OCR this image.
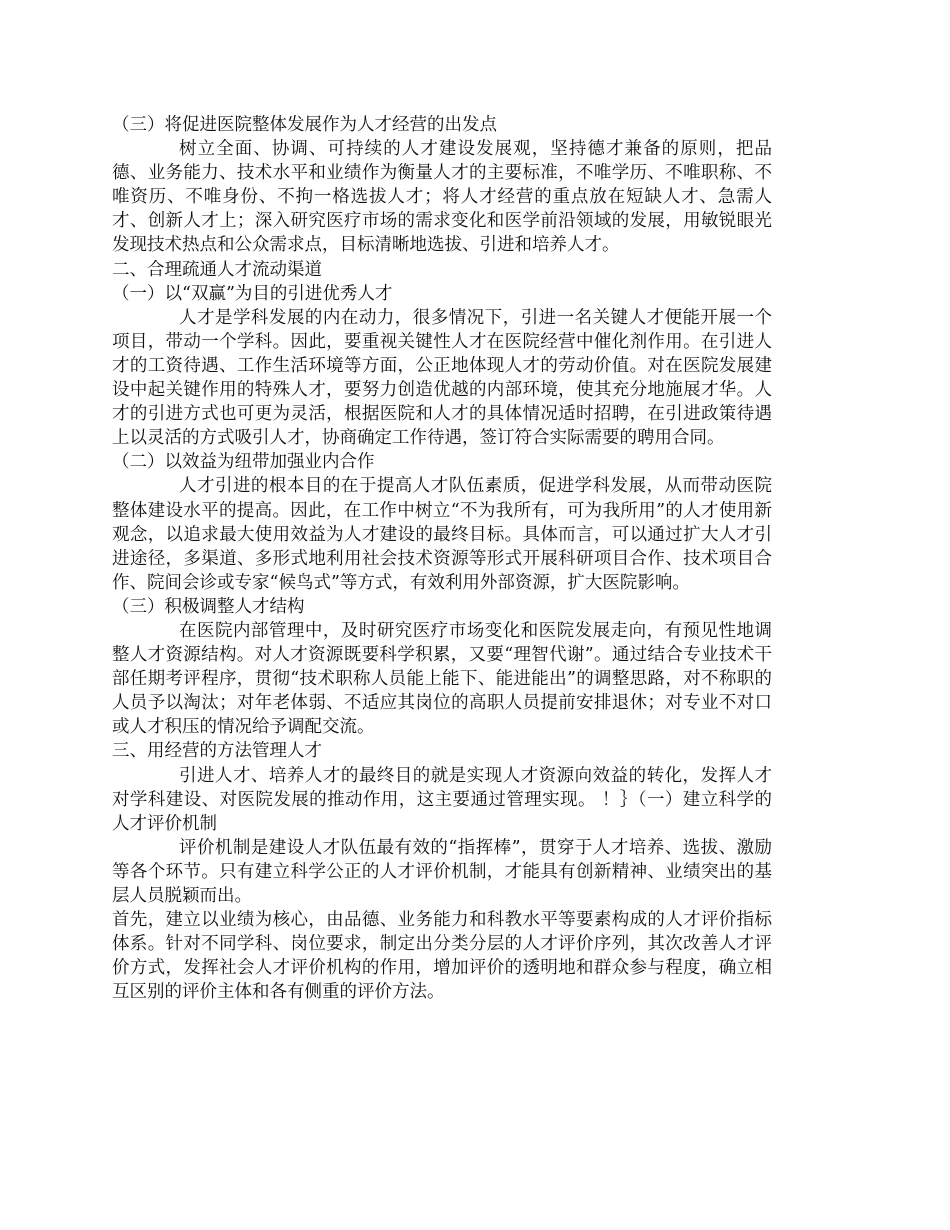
（三）将促进医院整体发展作为人才经营的出发点

树立全面、协调、可持续的人才建设发展观，坚持德才兼备的原则，把品德、业务能力、技术水平和业绩作为衡量人才的主要标准，不唯学历、不唯职称、不唯资历、不唯身份、不拘一格选拔人才；将人才经营的重点放在短缺人才、急需人才、创新人才上；深入研究医疗市场的需求变化和医学前沿领域的发展，用敏锐眼光发现技术热点和公众需求点，目标清晰地选拔、引进和培养人才。

二、合理疏通人才流动渠道

（一）以“双赢”为目的引进优秀人才

人才是学科发展的内在动力，很多情况下，引进一名关键人才便能开展一个项目，带动一个学科。因此，要重视关键性人才在医院经营中催化剂作用。在引进人才的工资待遇、工作生活环境等方面，公正地体现人才的劳动价值。对在医院发展建设中起关键作用的特殊人才，要努力创造优越的内部环境，使其充分地施展才华。人才的引进方式也可更为灵活，根据医院和人才的具体情况适时招聘，在引进政策待遇上以灵活的方式吸引人才，协商确定工作待遇，签订符合实际需要的聘用合同。

（二）以效益为纽带加强业内合作

人才引进的根本目的在于提高人才队伍素质，促进学科发展，从而带动医院整体建设水平的提高。因此，在工作中树立“不为我所有，可为我所用”的人才使用新观念，以追求最大使用效益为人才建设的最终目标。具体而言，可以通过扩大人才引进途径，多渠道、多形式地利用社会技术资源等形式开展科研项目合作、技术项目合作、院间会诊或专家“候鸟式”等方式，有效利用外部资源，扩大医院影响。

（三）积极调整人才结构

在医院内部管理中，及时研究医疗市场变化和医院发展走向，有预见性地调整人才资源结构。对人才资源既要科学积累，又要“理智代谢”。通过结合专业技术干部任期考评程序，贯彻“技术职称人员能上能下、能进能出”的调整思路，对不称职的人员予以淘汰；对年老体弱、不适应其岗位的高职人员提前安排退休；对专业不对口或人才积压的情况给予调配交流。

三、用经营的方法管理人才

引进人才、培养人才的最终目的就是实现人才资源向效益的转化，发挥人才对学科建设、对医院发展的推动作用，这主要通过管理实现。 ！｝（一）建立科学的人才评价机制

评价机制是建设人才队伍最有效的“指挥棒”，贯穿于人才培养、选拔、激励等各个环节。只有建立科学公正的人才评价机制，才能具有创新精神、业绩突出的基层人员脱颖而出。

首先，建立以业绩为核心，由品德、业务能力和科教水平等要素构成的人才评价指标体系。针对不同学科、岗位要求，制定出分类分层的人才评价序列，其次改善人才评价方式，发挥社会人才评价机构的作用，增加评价的透明地和群众参与程度，确立相互区别的评价主体和各有侧重的评价方法。
